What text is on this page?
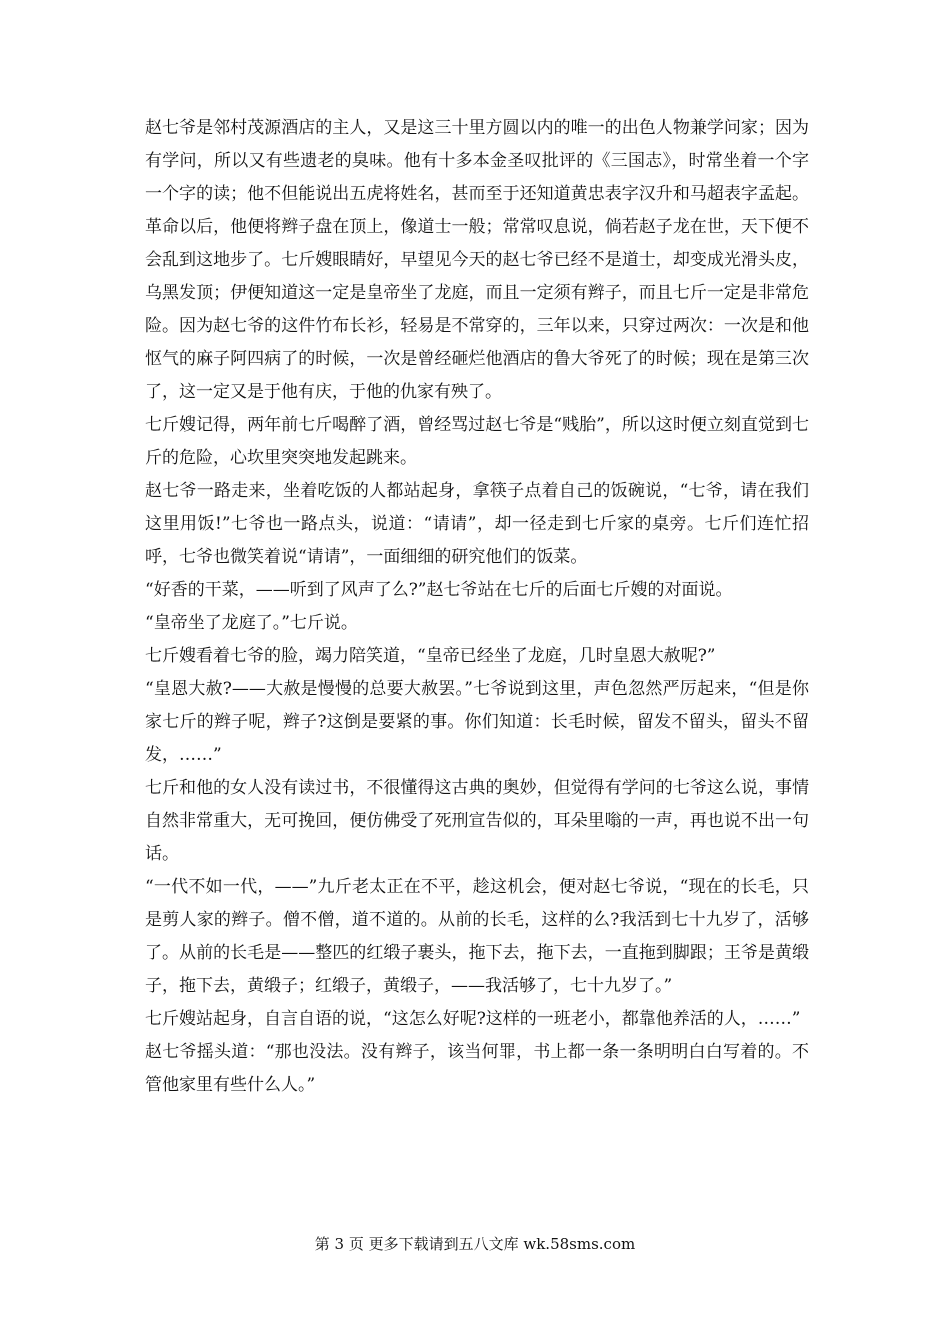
赵七爷是邻村茂源酒店的主人，又是这三十里方圆以内的唯一的出色人物兼学问家；因为有学问，所以又有些遗老的臭味。他有十多本金圣叹批评的《三国志》，时常坐着一个字一个字的读；他不但能说出五虎将姓名，甚而至于还知道黄忠表字汉升和马超表字孟起。革命以后，他便将辫子盘在顶上，像道士一般；常常叹息说，倘若赵子龙在世，天下便不会乱到这地步了。七斤嫂眼睛好，早望见今天的赵七爷已经不是道士，却变成光滑头皮，乌黑发顶；伊便知道这一定是皇帝坐了龙庭，而且一定须有辫子，而且七斤一定是非常危险。因为赵七爷的这件竹布长衫，轻易是不常穿的，三年以来，只穿过两次：一次是和他怄气的麻子阿四病了的时候，一次是曾经砸烂他酒店的鲁大爷死了的时候；现在是第三次了，这一定又是于他有庆，于他的仇家有殃了。

七斤嫂记得，两年前七斤喝醉了酒，曾经骂过赵七爷是“贱胎”，所以这时便立刻直觉到七斤的危险，心坎里突突地发起跳来。

赵七爷一路走来，坐着吃饭的人都站起身，拿筷子点着自己的饭碗说，“七爷，请在我们这里用饭!”七爷也一路点头，说道：“请请”，却一径走到七斤家的桌旁。七斤们连忙招呼，七爷也微笑着说“请请”，一面细细的研究他们的饭菜。

“好香的干菜，——听到了风声了么?”赵七爷站在七斤的后面七斤嫂的对面说。

“皇帝坐了龙庭了。”七斤说。

七斤嫂看着七爷的脸，竭力陪笑道，“皇帝已经坐了龙庭，几时皇恩大赦呢?”

“皇恩大赦?——大赦是慢慢的总要大赦罢。”七爷说到这里，声色忽然严厉起来，“但是你家七斤的辫子呢，辫子?这倒是要紧的事。你们知道：长毛时候，留发不留头，留头不留发，……”

七斤和他的女人没有读过书，不很懂得这古典的奥妙，但觉得有学问的七爷这么说，事情自然非常重大，无可挽回，便仿佛受了死刑宣告似的，耳朵里嗡的一声，再也说不出一句话。

“一代不如一代，——”九斤老太正在不平，趁这机会，便对赵七爷说，“现在的长毛，只是剪人家的辫子。僧不僧，道不道的。从前的长毛，这样的么?我活到七十九岁了，活够了。从前的长毛是——整匹的红缎子裹头，拖下去，拖下去，一直拖到脚跟；王爷是黄缎子，拖下去，黄缎子；红缎子，黄缎子，——我活够了，七十九岁了。”

七斤嫂站起身，自言自语的说，“这怎么好呢?这样的一班老小，都靠他养活的人，……”

赵七爷摇头道：“那也没法。没有辫子，该当何罪，书上都一条一条明明白白写着的。不管他家里有些什么人。”

第 3 页 更多下载请到五八文库 wk.58sms.com
